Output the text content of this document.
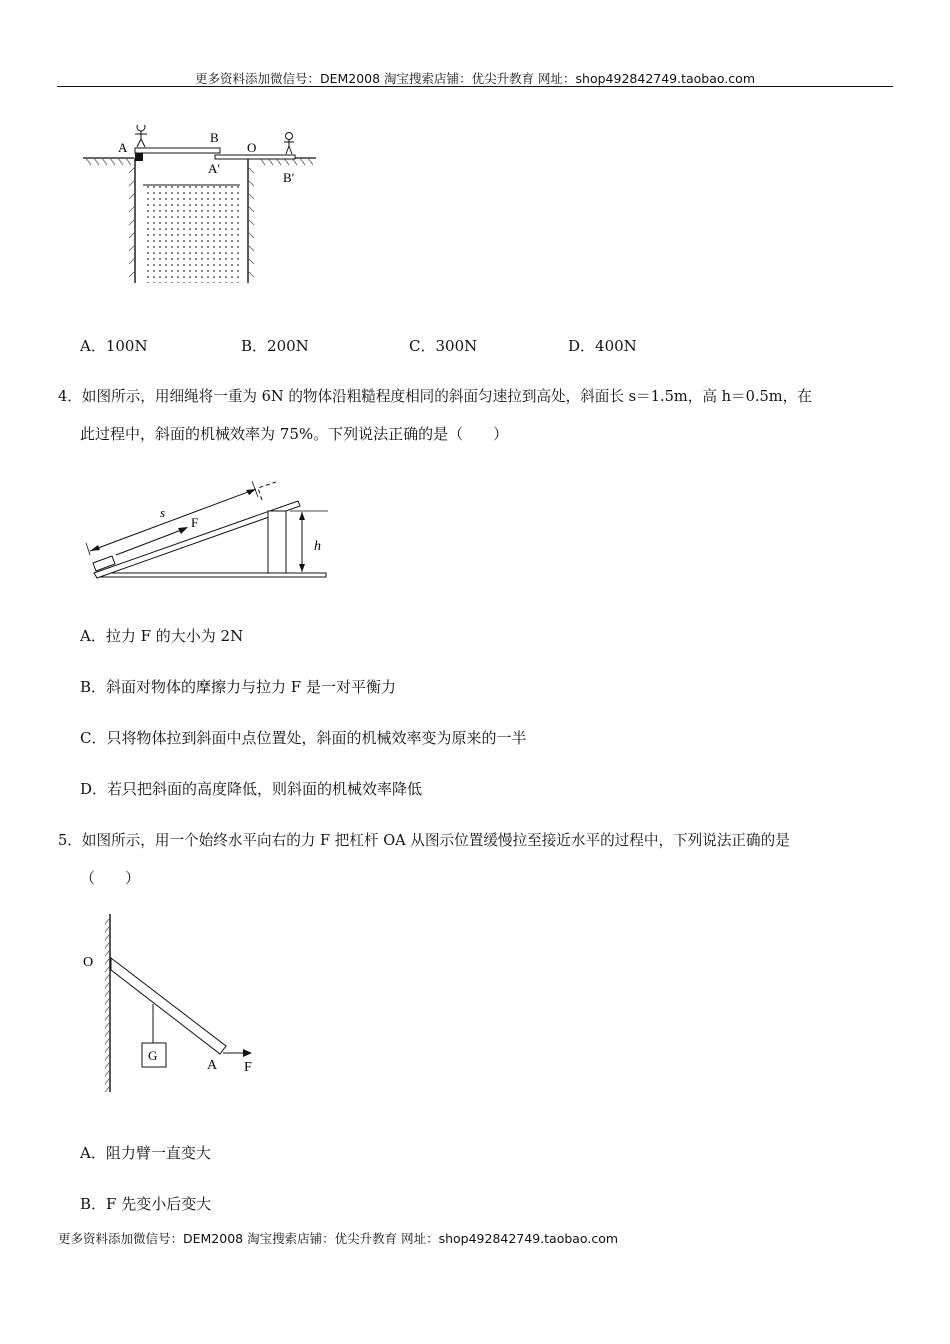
更多资料添加微信号：DEM2008 淘宝搜索店铺：优尖升教育 网址：shop492842749.taobao.com
A
B
O
A′
B′
A．100N	B．200N	C．300N	D．400N
4．如图所示，用细绳将一重为 6N 的物体沿粗糙程度相同的斜面匀速拉到高处，斜面长 s＝1.5m，高 h＝0.5m，在
此过程中，斜面的机械效率为 75%。下列说法正确的是（　　）
s
F
h
A．拉力 F 的大小为 2N
B．斜面对物体的摩擦力与拉力 F 是一对平衡力
C．只将物体拉到斜面中点位置处，斜面的机械效率变为原来的一半
D．若只把斜面的高度降低，则斜面的机械效率降低
5．如图所示，用一个始终水平向右的力 F 把杠杆 OA 从图示位置缓慢拉至接近水平的过程中，下列说法正确的是
（　　）
O
G
A F
A．阻力臂一直变大
B．F 先变小后变大
更多资料添加微信号：DEM2008 淘宝搜索店铺：优尖升教育 网址：shop492842749.taobao.com
